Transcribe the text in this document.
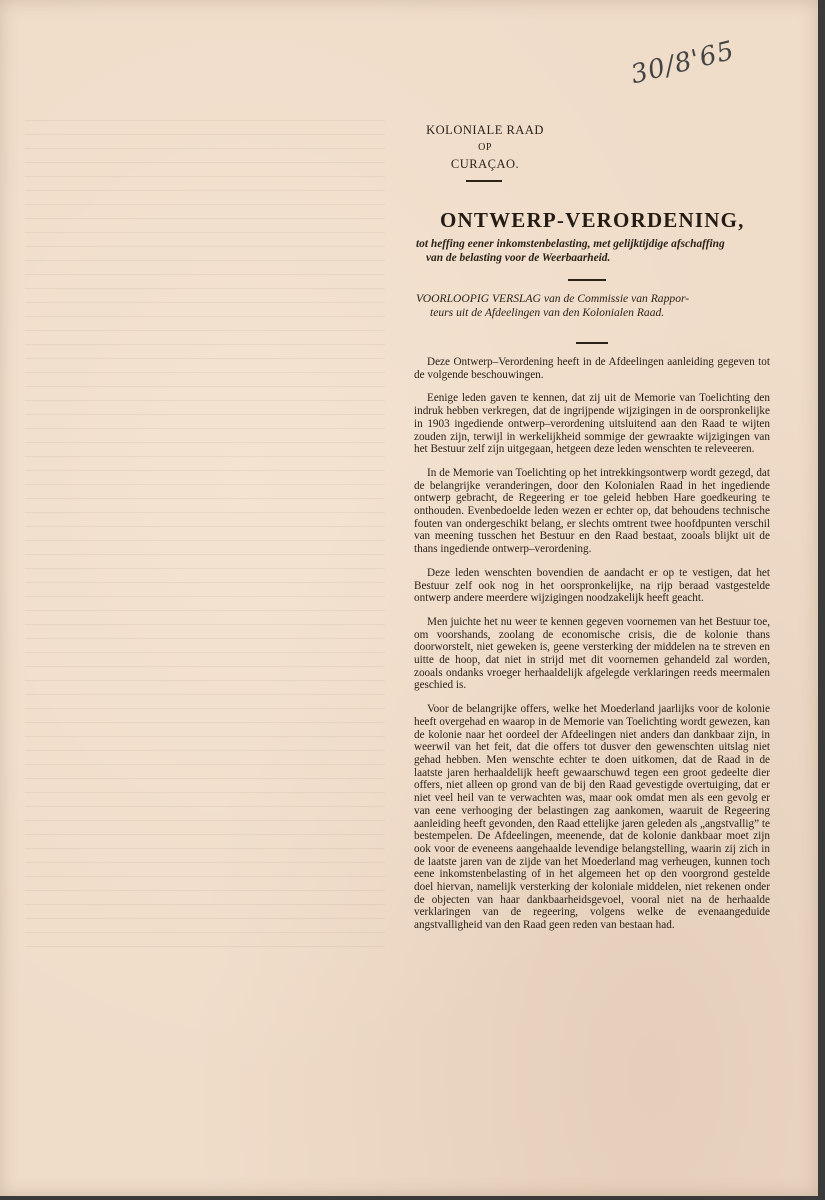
30/8'65
KOLONIALE RAAD
OP
CURAÇAO.
ONTWERP-VERORDENING,
tot heffing eener inkomstenbelasting, met gelijktijdige afschaffing
van de belasting voor de Weerbaarheid.
VOORLOOPIG VERSLAG van de Commissie van Rappor-
teurs uit de Afdeelingen van den Kolonialen Raad.

Deze Ontwerp–Verordening heeft in de Afdeelingen aanleiding gegeven tot de volgende beschouwingen.

Eenige leden gaven te kennen, dat zij uit de Memorie van Toelichting den indruk hebben verkregen, dat de ingrijpende wijzigingen in de oorspronkelijke in 1903 ingediende ontwerp–verordening uitsluitend aan den Raad te wijten zouden zijn, terwijl in werkelijkheid sommige der gewraakte wijzigingen van het Bestuur zelf zijn uitgegaan, hetgeen deze leden wenschten te releveeren.

In de Memorie van Toelichting op het intrekkingsontwerp wordt gezegd, dat de belangrijke veranderingen, door den Kolonialen Raad in het ingediende ontwerp gebracht, de Regeering er toe geleid hebben Hare goedkeuring te onthouden. Evenbedoelde leden wezen er echter op, dat behoudens technische fouten van ondergeschikt belang, er slechts omtrent twee hoofdpunten verschil van meening tusschen het Bestuur en den Raad bestaat, zooals blijkt uit de thans ingediende ontwerp–verordening.

Deze leden wenschten bovendien de aandacht er op te vestigen, dat het Bestuur zelf ook nog in het oorspronkelijke, na rijp beraad vastgestelde ontwerp andere meerdere wijzigingen noodzakelijk heeft geacht.

Men juichte het nu weer te kennen gegeven voornemen van het Bestuur toe, om voorshands, zoolang de economische crisis, die de kolonie thans doorworstelt, niet geweken is, geene versterking der middelen na te streven en uitte de hoop, dat niet in strijd met dit voornemen gehandeld zal worden, zooals ondanks vroeger herhaaldelijk afgelegde verklaringen reeds meermalen geschied is.

Voor de belangrijke offers, welke het Moederland jaarlijks voor de kolonie heeft overgehad en waarop in de Memorie van Toelichting wordt gewezen, kan de kolonie naar het oordeel der Afdeelingen niet anders dan dankbaar zijn, in weerwil van het feit, dat die offers tot dusver den gewenschten uitslag niet gehad hebben. Men wenschte echter te doen uitkomen, dat de Raad in de laatste jaren herhaaldelijk heeft gewaarschuwd tegen een groot gedeelte dier offers, niet alleen op grond van de bij den Raad gevestigde overtuiging, dat er niet veel heil van te verwachten was, maar ook omdat men als een gevolg er van eene verhooging der belastingen zag aankomen, waaruit de Regeering aanleiding heeft gevonden, den Raad ettelijke jaren geleden als „angstvallig” te bestempelen. De Afdeelingen, meenende, dat de kolonie dankbaar moet zijn ook voor de eveneens aangehaalde levendige belangstelling, waarin zij zich in de laatste jaren van de zijde van het Moederland mag verheugen, kunnen toch eene inkomstenbelasting of in het algemeen het op den voorgrond gestelde doel hiervan, namelijk versterking der koloniale middelen, niet rekenen onder de objecten van haar dankbaarheidsgevoel, vooral niet na de herhaalde verklaringen van de regeering, volgens welke de evenaangeduide angstvalligheid van den Raad geen reden van bestaan had.
